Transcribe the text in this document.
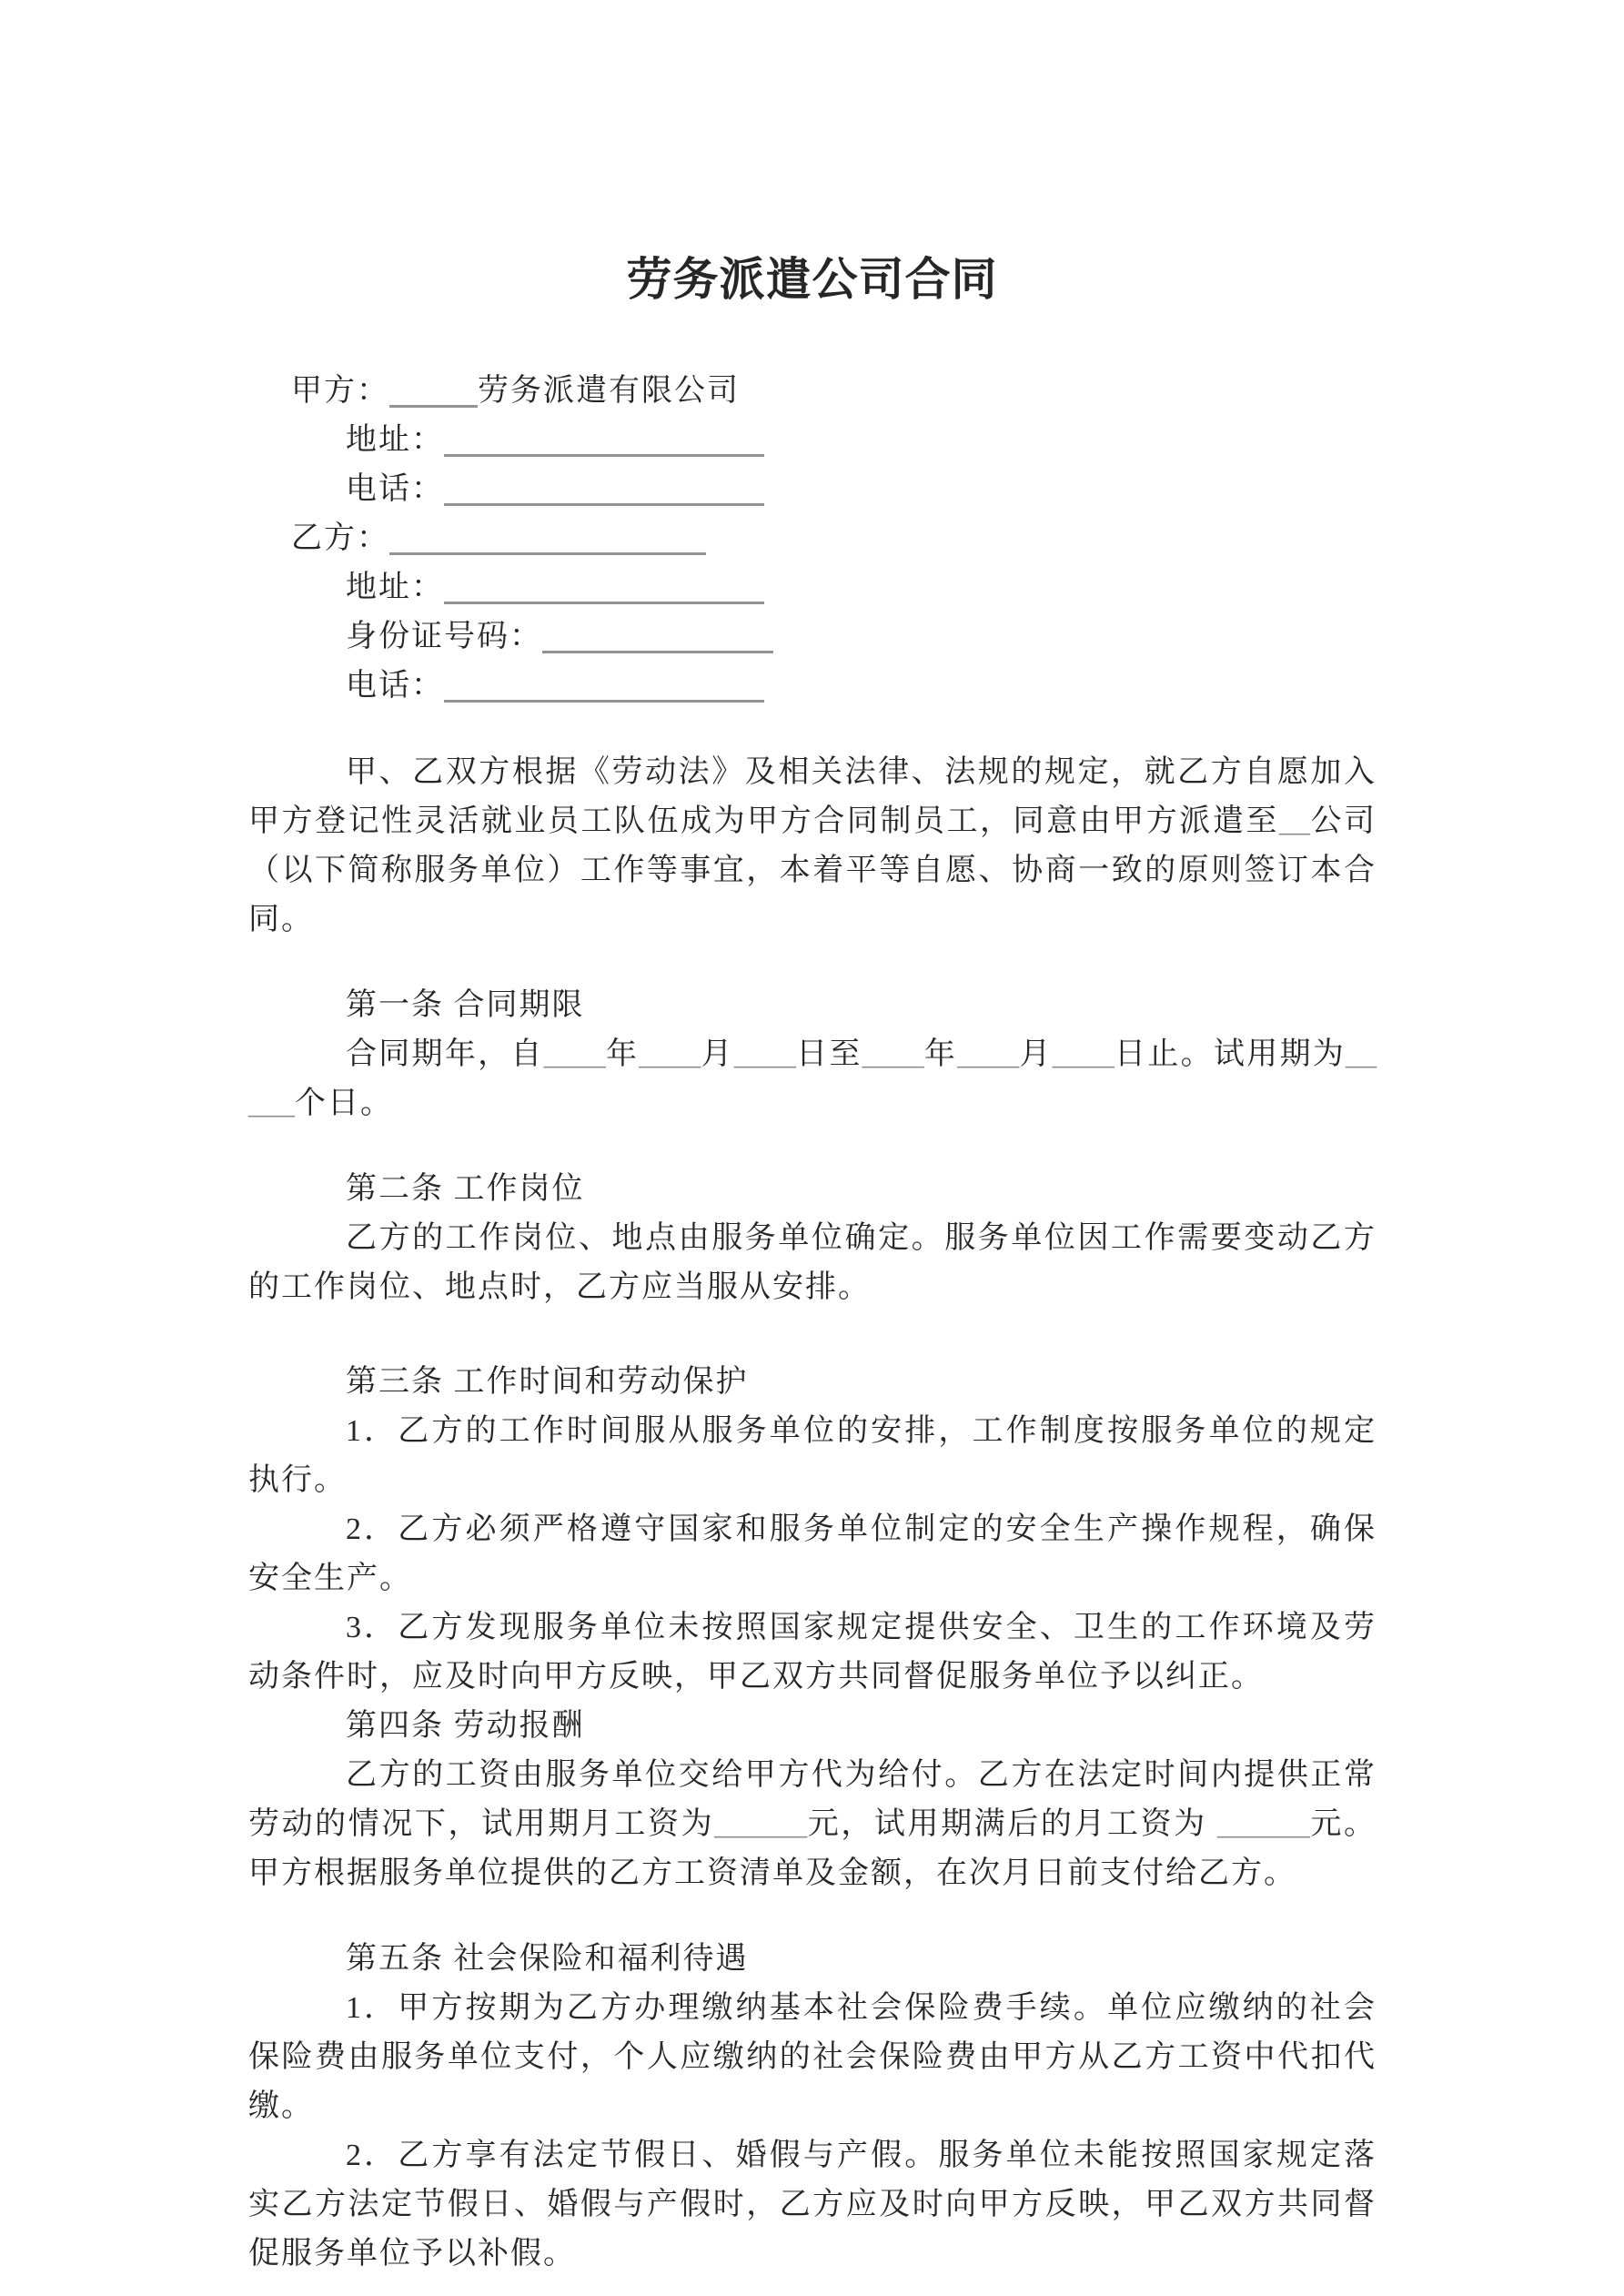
劳务派遣公司合同
甲方：	劳务派遣有限公司
地址：
电话：
乙方：
地址：
身份证号码：
电话：

甲、乙双方根据《劳动法》及相关法律、法规的规定，就乙方自愿加入甲方登记性灵活就业员工队伍成为甲方合同制员工，同意由甲方派遣至__公司（以下简称服务单位）工作等事宜，本着平等自愿、协商一致的原则签订本合同。

第一条 合同期限

合同期年，自____年____月____日至____年____月____日止。试用期为_____个日。

第二条 工作岗位

乙方的工作岗位、地点由服务单位确定。服务单位因工作需要变动乙方的工作岗位、地点时，乙方应当服从安排。

第三条 工作时间和劳动保护

1．乙方的工作时间服从服务单位的安排，工作制度按服务单位的规定执行。

2．乙方必须严格遵守国家和服务单位制定的安全生产操作规程，确保安全生产。

3．乙方发现服务单位未按照国家规定提供安全、卫生的工作环境及劳动条件时，应及时向甲方反映，甲乙双方共同督促服务单位予以纠正。

第四条 劳动报酬

乙方的工资由服务单位交给甲方代为给付。乙方在法定时间内提供正常劳动的情况下，试用期月工资为______元，试用期满后的月工资为 ______元。甲方根据服务单位提供的乙方工资清单及金额，在次月日前支付给乙方。

第五条 社会保险和福利待遇

1．甲方按期为乙方办理缴纳基本社会保险费手续。单位应缴纳的社会保险费由服务单位支付，个人应缴纳的社会保险费由甲方从乙方工资中代扣代缴。

2．乙方享有法定节假日、婚假与产假。服务单位未能按照国家规定落实乙方法定节假日、婚假与产假时，乙方应及时向甲方反映，甲乙双方共同督促服务单位予以补假。
